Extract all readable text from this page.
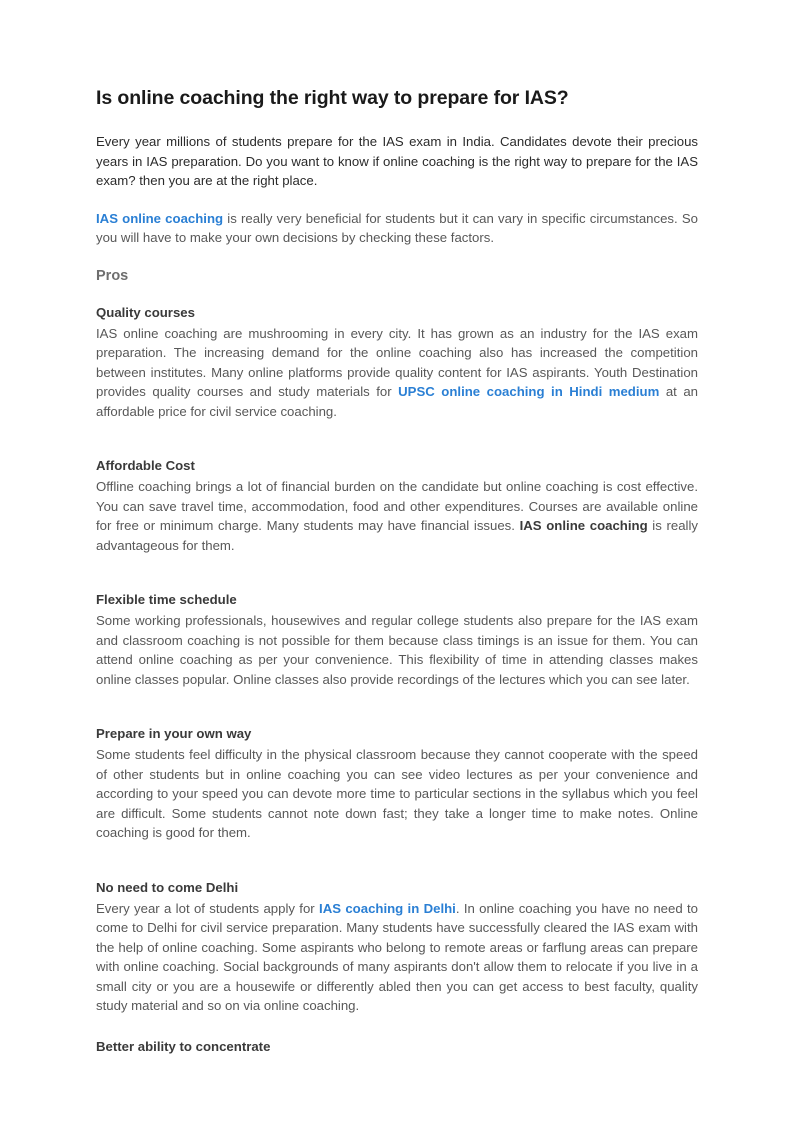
Is online coaching the right way to prepare for IAS?

Every year millions of students prepare for the IAS exam in India. Candidates devote their precious years in IAS preparation. Do you want to know if online coaching is the right way to prepare for the IAS exam? then you are at the right place.

IAS online coaching is really very beneficial for students but it can vary in specific circumstances. So you will have to make your own decisions by checking these factors.

Pros
Quality courses

IAS online coaching are mushrooming in every city. It has grown as an industry for the IAS exam preparation. The increasing demand for the online coaching also has increased the competition between institutes. Many online platforms provide quality content for IAS aspirants. Youth Destination provides quality courses and study materials for UPSC online coaching in Hindi medium at an affordable price for civil service coaching.

Affordable Cost

Offline coaching brings a lot of financial burden on the candidate but online coaching is cost effective. You can save travel time, accommodation, food and other expenditures. Courses are available online for free or minimum charge. Many students may have financial issues. IAS online coaching is really advantageous for them.

Flexible time schedule

Some working professionals, housewives and regular college students also prepare for the IAS exam and classroom coaching is not possible for them because class timings is an issue for them. You can attend online coaching as per your convenience. This flexibility of time in attending classes makes online classes popular. Online classes also provide recordings of the lectures which you can see later.

Prepare in your own way

Some students feel difficulty in the physical classroom because they cannot cooperate with the speed of other students but in online coaching you can see video lectures as per your convenience and according to your speed you can devote more time to particular sections in the syllabus which you feel are difficult. Some students cannot note down fast; they take a longer time to make notes. Online coaching is good for them.

No need to come Delhi

Every year a lot of students apply for IAS coaching in Delhi. In online coaching you have no need to come to Delhi for civil service preparation. Many students have successfully cleared the IAS exam with the help of online coaching. Some aspirants who belong to remote areas or farflung areas can prepare with online coaching. Social backgrounds of many aspirants don't allow them to relocate if you live in a small city or you are a housewife or differently abled then you can get access to best faculty, quality study material and so on via online coaching.

Better ability to concentrate
